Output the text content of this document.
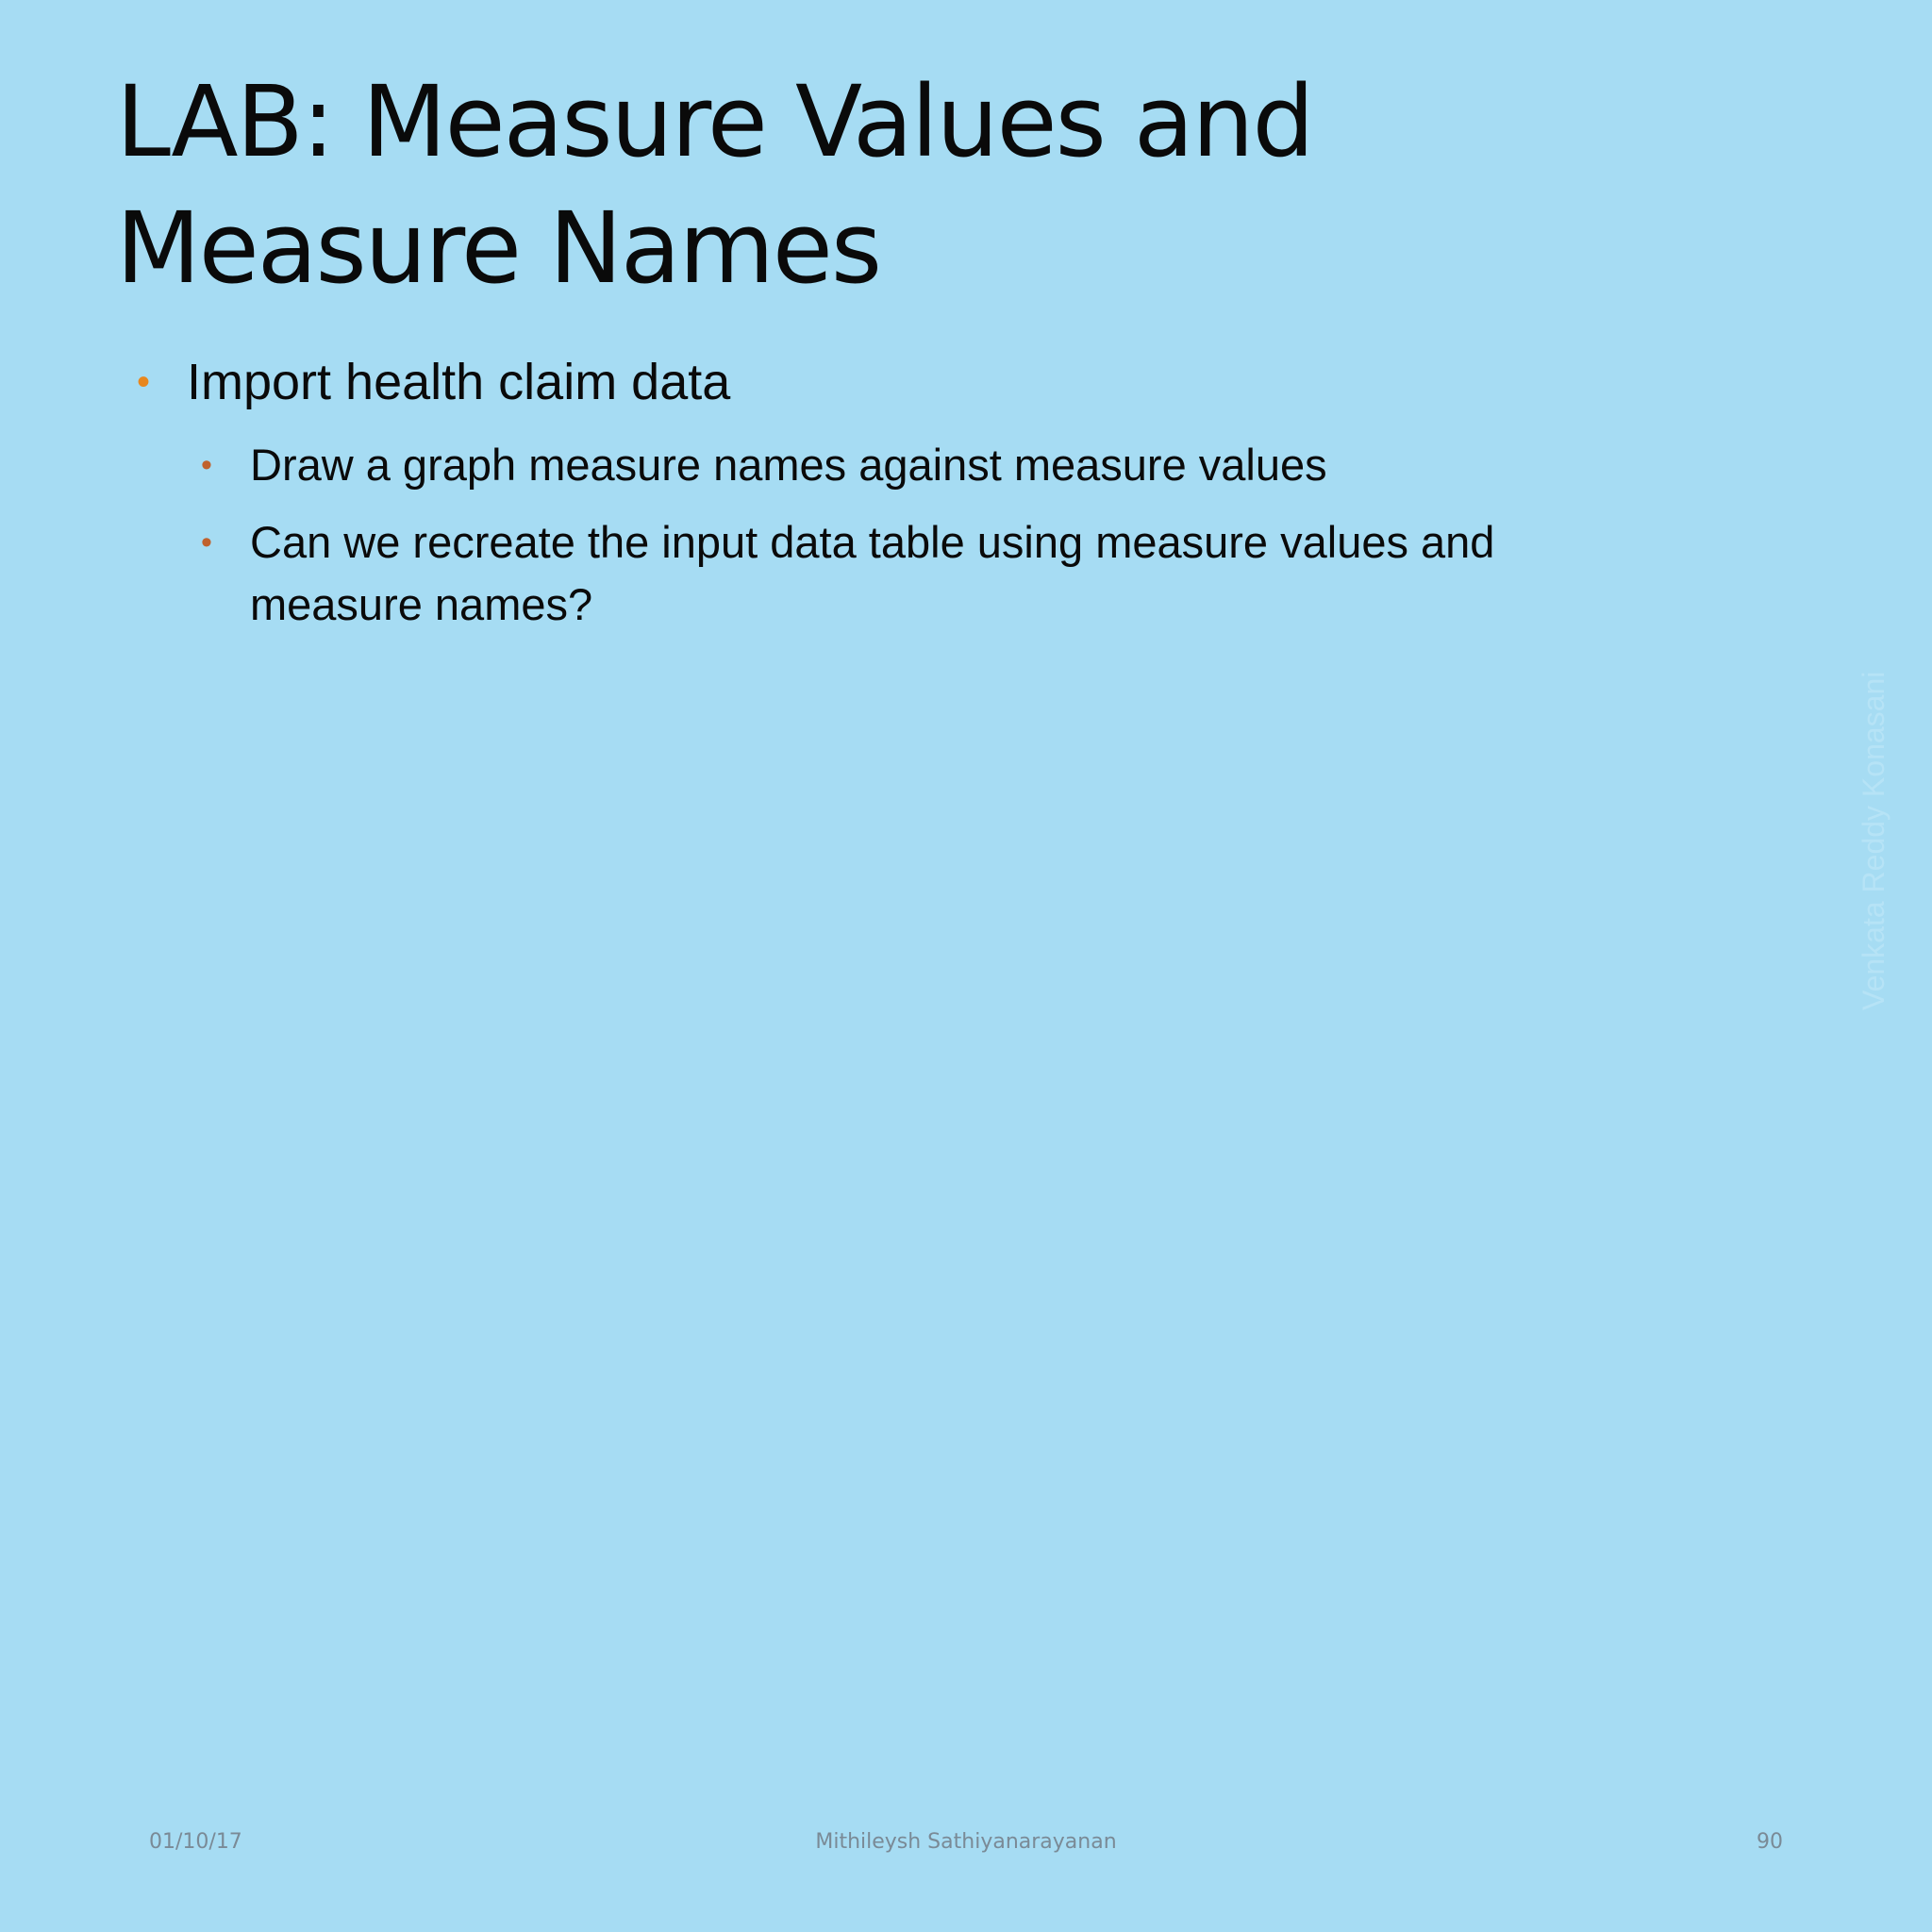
LAB: Measure Values and
Measure Names
• Import health claim data
• Draw a graph measure names against measure values
• Can we recreate the input data table using measure values and measure names?
Venkata Reddy Konasani
01/10/17	Mithileysh Sathiyanarayanan	90
